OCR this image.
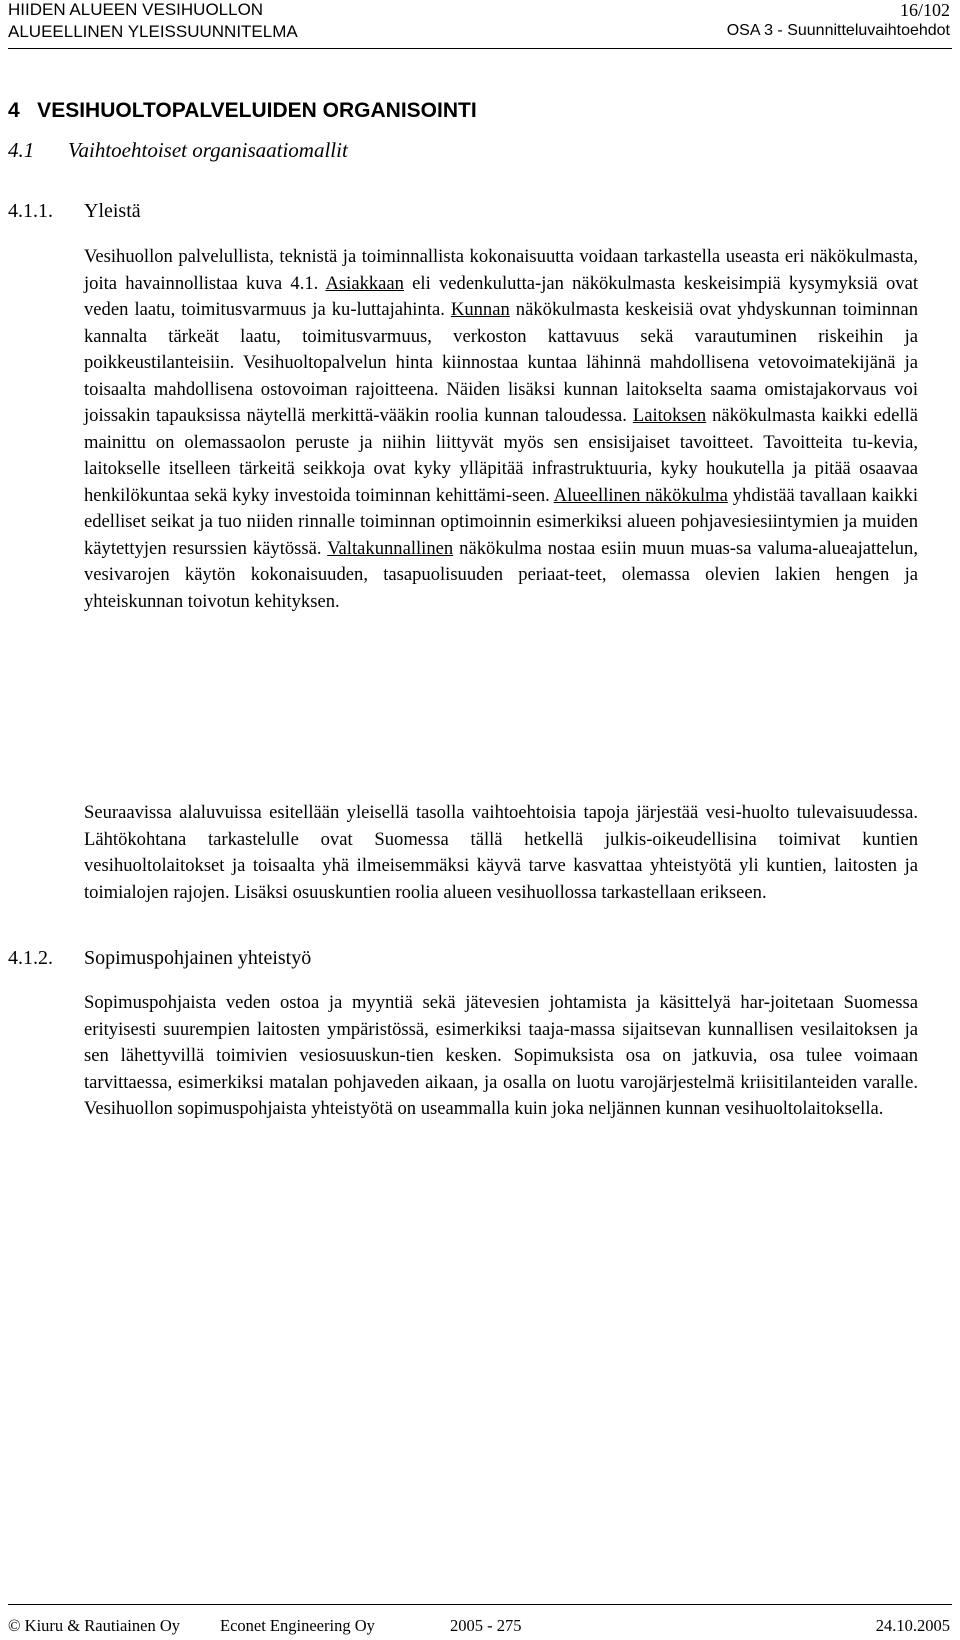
HIIDEN ALUEEN VESIHUOLLON
ALUEELLINEN YLEISSUUNNITELMA
16/102
OSA 3 - Suunnitteluvaihtoehdot
4   VESIHUOLTOPALVELUIDEN ORGANISOINTI
4.1 Vaihtoehtoiset organisaatiomallit
4.1.1. Yleistä

Vesihuollon palvelullista, teknistä ja toiminnallista kokonaisuutta voidaan tarkastella useasta eri näkökulmasta, joita havainnollistaa kuva 4.1. Asiakkaan eli vedenkulutta-jan näkökulmasta keskeisimpiä kysymyksiä ovat veden laatu, toimitusvarmuus ja ku-luttajahinta. Kunnan näkökulmasta keskeisiä ovat yhdyskunnan toiminnan kannalta tärkeät laatu, toimitusvarmuus, verkoston kattavuus sekä varautuminen riskeihin ja poikkeustilanteisiin. Vesihuoltopalvelun hinta kiinnostaa kuntaa lähinnä mahdollisena vetovoimatekijänä ja toisaalta mahdollisena ostovoiman rajoitteena. Näiden lisäksi kunnan laitokselta saama omistajakorvaus voi joissakin tapauksissa näytellä merkittä-vääkin roolia kunnan taloudessa. Laitoksen näkökulmasta kaikki edellä mainittu on olemassaolon peruste ja niihin liittyvät myös sen ensisijaiset tavoitteet. Tavoitteita tu-kevia, laitokselle itselleen tärkeitä seikkoja ovat kyky ylläpitää infrastruktuuria, kyky houkutella ja pitää osaavaa henkilökuntaa sekä kyky investoida toiminnan kehittämi-seen. Alueellinen näkökulma yhdistää tavallaan kaikki edelliset seikat ja tuo niiden rinnalle toiminnan optimoinnin esimerkiksi alueen pohjavesiesiintymien ja muiden käytettyjen resurssien käytössä. Valtakunnallinen näkökulma nostaa esiin muun muas-sa valuma-alueajattelun, vesivarojen käytön kokonaisuuden, tasapuolisuuden periaat-teet, olemassa olevien lakien hengen ja yhteiskunnan toivotun kehityksen.

Seuraavissa alaluvuissa esitellään yleisellä tasolla vaihtoehtoisia tapoja järjestää vesi-huolto tulevaisuudessa. Lähtökohtana tarkastelulle ovat Suomessa tällä hetkellä julkis-oikeudellisina toimivat kuntien vesihuoltolaitokset ja toisaalta yhä ilmeisemmäksi käyvä tarve kasvattaa yhteistyötä yli kuntien, laitosten ja toimialojen rajojen. Lisäksi osuuskuntien roolia alueen vesihuollossa tarkastellaan erikseen.

4.1.2. Sopimuspohjainen yhteistyö

Sopimuspohjaista veden ostoa ja myyntiä sekä jätevesien johtamista ja käsittelyä har-joitetaan Suomessa erityisesti suurempien laitosten ympäristössä, esimerkiksi taaja-massa sijaitsevan kunnallisen vesilaitoksen ja sen lähettyvillä toimivien vesiosuuskun-tien kesken. Sopimuksista osa on jatkuvia, osa tulee voimaan tarvittaessa, esimerkiksi matalan pohjaveden aikaan, ja osalla on luotu varojärjestelmä kriisitilanteiden varalle. Vesihuollon sopimuspohjaista yhteistyötä on useammalla kuin joka neljännen kunnan vesihuoltolaitoksella.

© Kiuru & Rautiainen Oy Econet Engineering Oy	2005 - 275	24.10.2005
